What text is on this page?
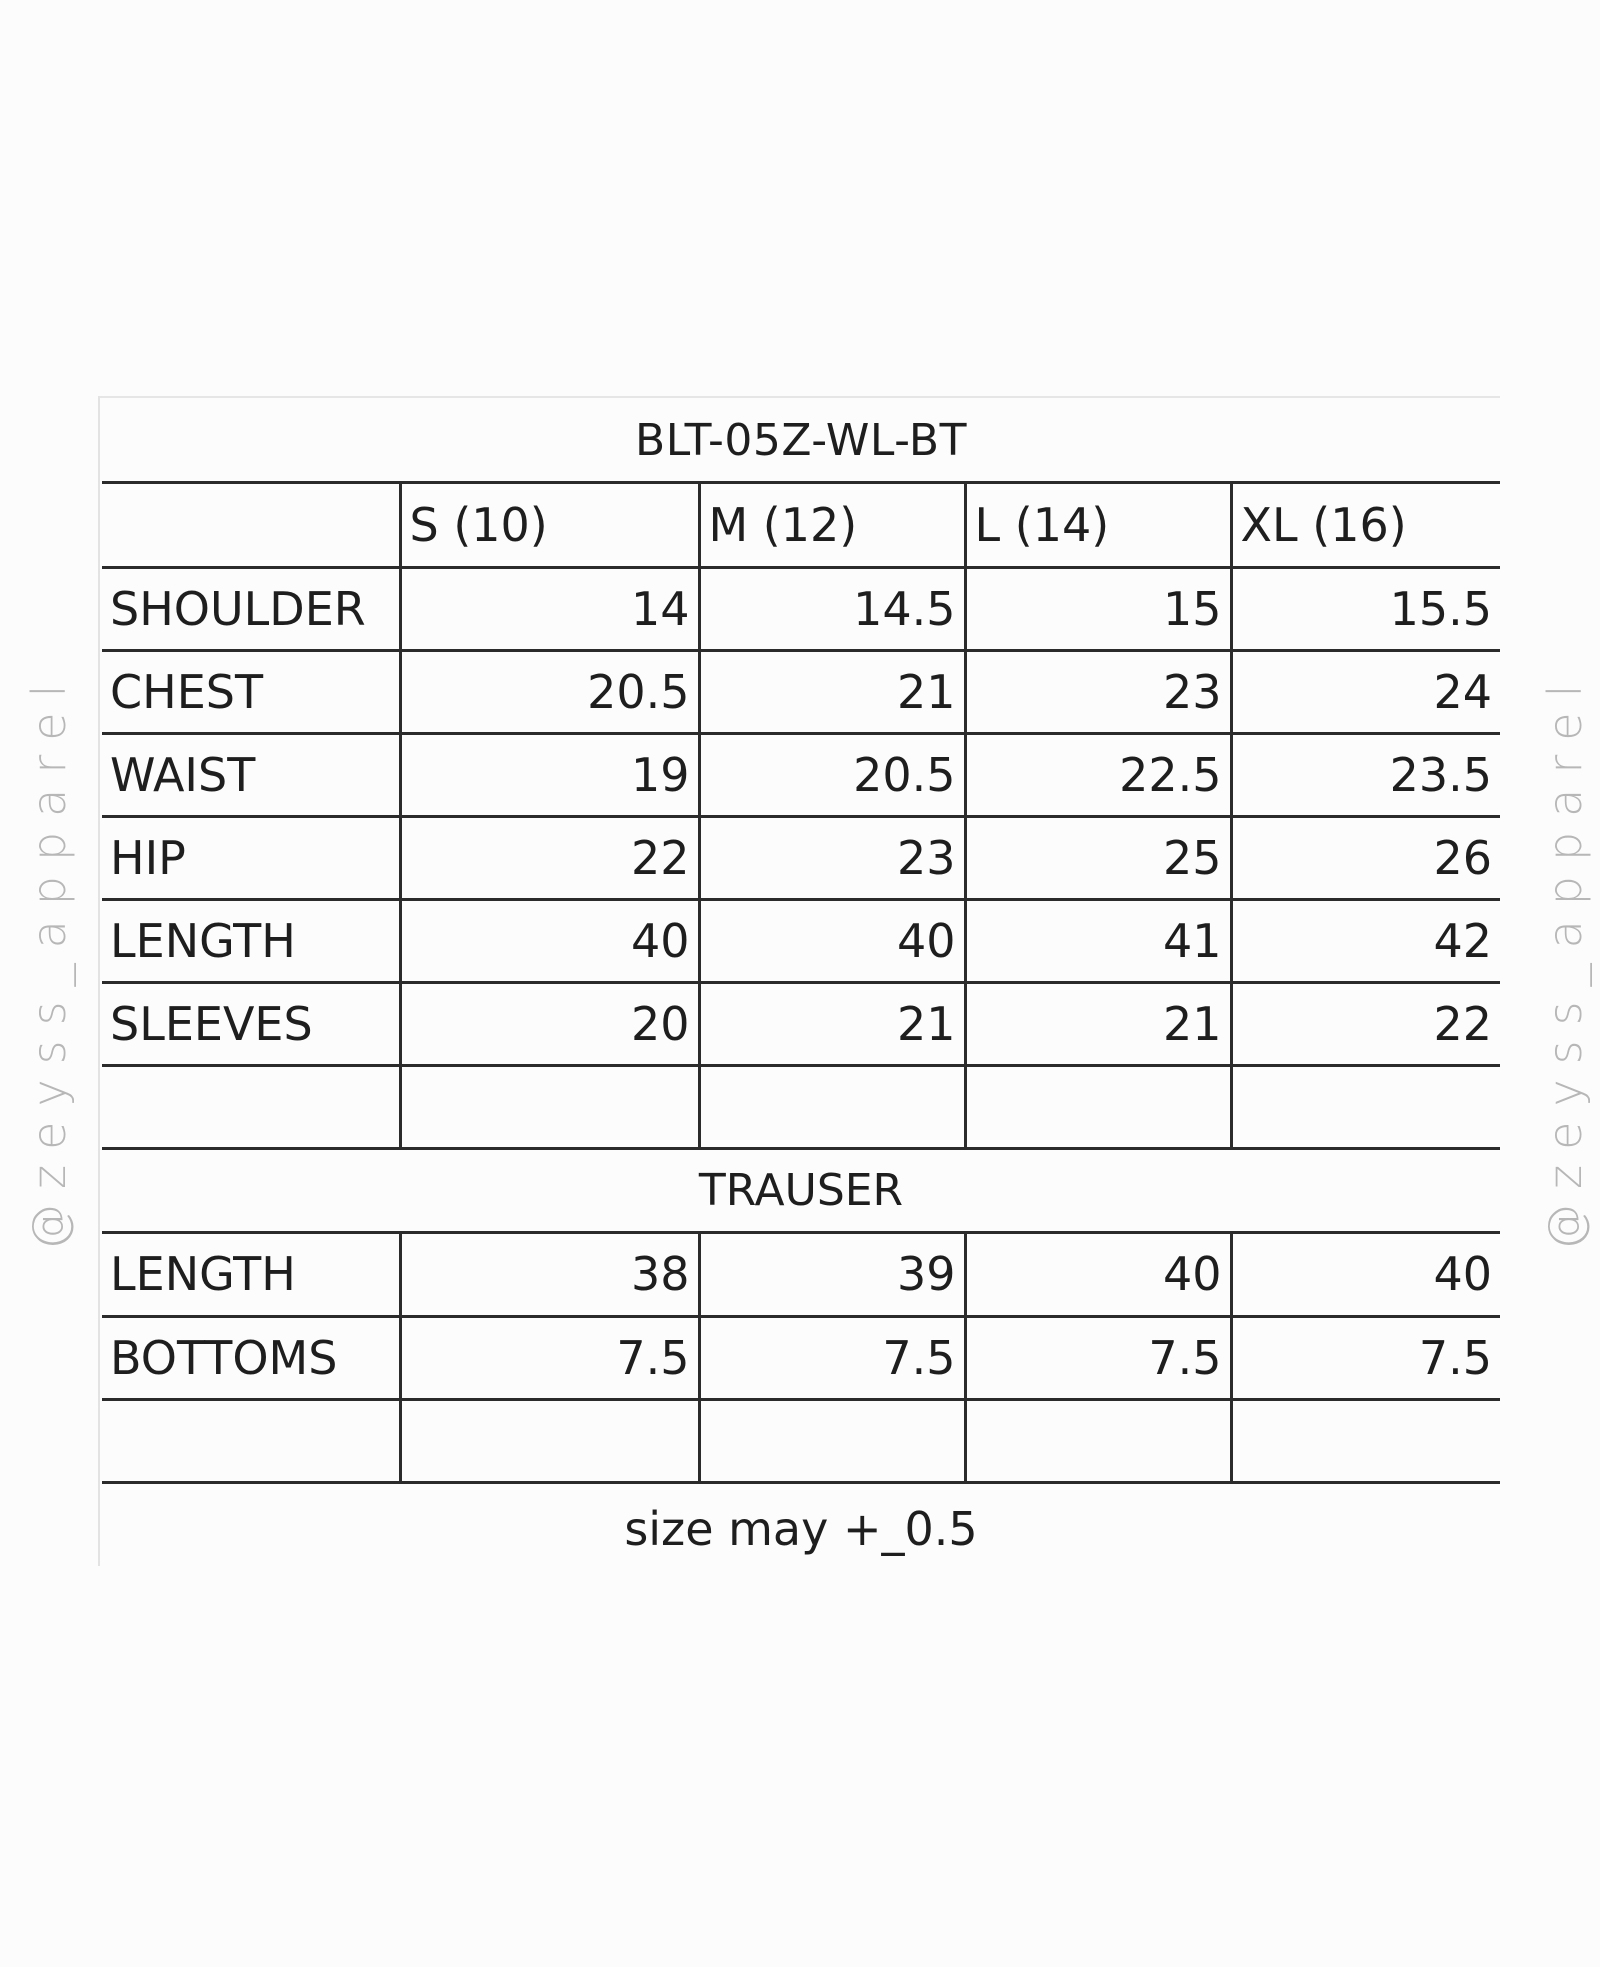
@zeyss_apparel	@zeyss_apparel
BLT-05Z-WL-BT
	S (10)	M (12)	L (14)	XL (16)
SHOULDER	14	14.5	15	15.5
CHEST	20.5	21	23	24
WAIST	19	20.5	22.5	23.5
HIP	22	23	25	26
LENGTH	40	40	41	42
SLEEVES	20	21	21	22

TRAUSER
LENGTH	38	39	40	40
BOTTOMS	7.5	7.5	7.5	7.5

size may +_0.5
